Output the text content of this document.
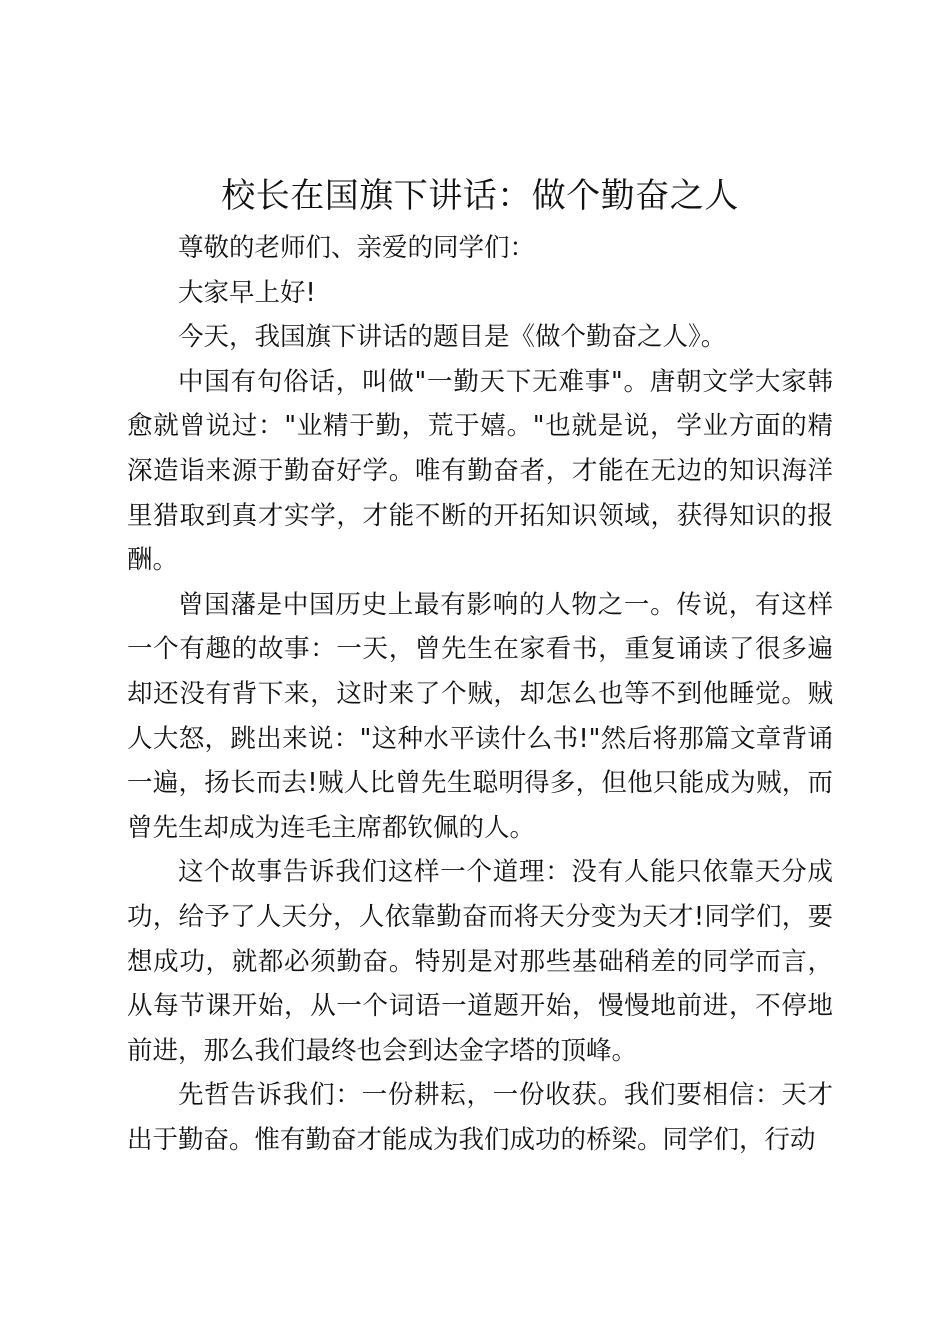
校长在国旗下讲话：做个勤奋之人

尊敬的老师们、亲爱的同学们：

大家早上好!

今天，我国旗下讲话的题目是《做个勤奋之人》。

中国有句俗话，叫做"一勤天下无难事"。唐朝文学大家韩愈就曾说过："业精于勤，荒于嬉。"也就是说，学业方面的精深造诣来源于勤奋好学。唯有勤奋者，才能在无边的知识海洋里猎取到真才实学，才能不断的开拓知识领域，获得知识的报酬。

曾国藩是中国历史上最有影响的人物之一。传说，有这样一个有趣的故事：一天，曾先生在家看书，重复诵读了很多遍却还没有背下来，这时来了个贼，却怎么也等不到他睡觉。贼人大怒，跳出来说："这种水平读什么书!"然后将那篇文章背诵一遍，扬长而去!贼人比曾先生聪明得多，但他只能成为贼，而曾先生却成为连毛主席都钦佩的人。

这个故事告诉我们这样一个道理：没有人能只依靠天分成功，给予了人天分，人依靠勤奋而将天分变为天才!同学们，要想成功，就都必须勤奋。特别是对那些基础稍差的同学而言，从每节课开始，从一个词语一道题开始，慢慢地前进，不停地前进，那么我们最终也会到达金字塔的顶峰。

先哲告诉我们：一份耕耘，一份收获。我们要相信：天才出于勤奋。惟有勤奋才能成为我们成功的桥梁。同学们，行动
